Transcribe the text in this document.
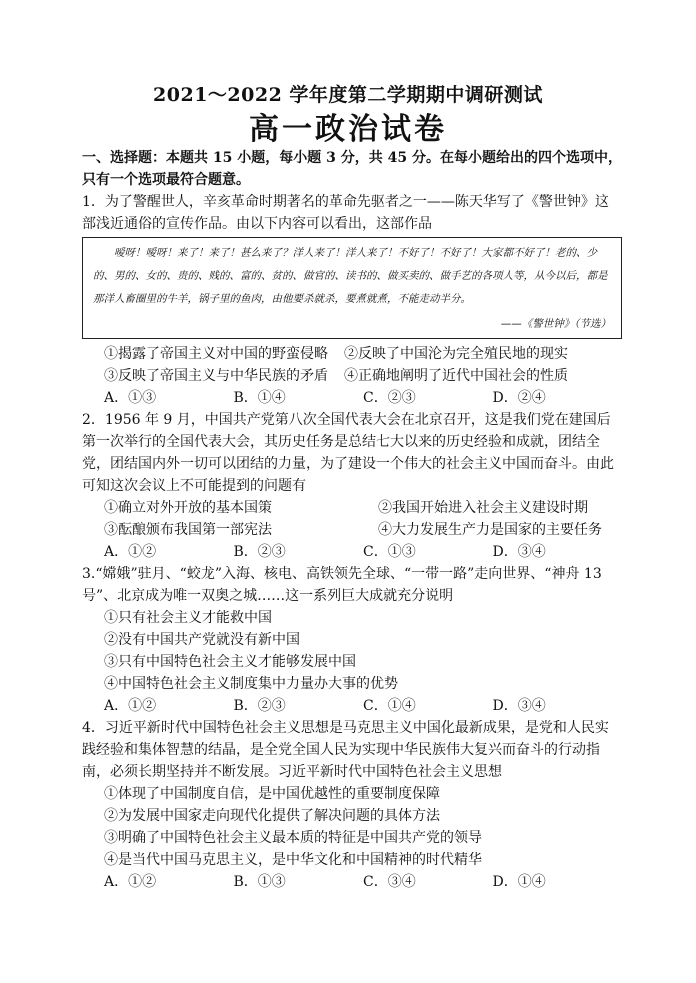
2021～2022 学年度第二学期期中调研测试
高一政治试卷

一、选择题：本题共 15 小题，每小题 3 分，共 45 分。在每小题给出的四个选项中，只有一个选项最符合题意。

1．为了警醒世人，辛亥革命时期著名的革命先驱者之一——陈天华写了《警世钟》这部浅近通俗的宣传作品。由以下内容可以看出，这部作品

嗳呀！嗳呀！来了！来了！甚么来了？洋人来了！洋人来了！不好了！不好了！大家都不好了！老的、少的、男的、女的、贵的、贱的、富的、贫的、做官的、读书的、做买卖的、做手艺的各项人等，从今以后，都是那洋人畜圈里的牛羊，锅子里的鱼肉，由他要杀就杀，要煮就煮，不能走动半分。

——《警世钟》（节选）

①揭露了帝国主义对中国的野蛮侵略	②反映了中国沦为完全殖民地的现实
③反映了帝国主义与中华民族的矛盾	④正确地阐明了近代中国社会的性质
A．①③	B．①④	C．②③	D．②④

2．1956 年 9 月，中国共产党第八次全国代表大会在北京召开，这是我们党在建国后第一次举行的全国代表大会，其历史任务是总结七大以来的历史经验和成就，团结全党，团结国内外一切可以团结的力量，为了建设一个伟大的社会主义中国而奋斗。由此可知这次会议上不可能提到的问题有

①确立对外开放的基本国策	②我国开始进入社会主义建设时期
③酝酿颁布我国第一部宪法	④大力发展生产力是国家的主要任务
A．①②	B．②③	C．①③	D．③④

3.“嫦娥”驻月、“蛟龙”入海、核电、高铁领先全球、“一带一路”走向世界、“神舟 13 号”、北京成为唯一双奥之城……这一系列巨大成就充分说明

①只有社会主义才能救中国

②没有中国共产党就没有新中国

③只有中国特色社会主义才能够发展中国

④中国特色社会主义制度集中力量办大事的优势

A．①②	B．②③	C．①④	D．③④

4．习近平新时代中国特色社会主义思想是马克思主义中国化最新成果，是党和人民实践经验和集体智慧的结晶，是全党全国人民为实现中华民族伟大复兴而奋斗的行动指南，必须长期坚持并不断发展。习近平新时代中国特色社会主义思想

①体现了中国制度自信，是中国优越性的重要制度保障

②为发展中国家走向现代化提供了解决问题的具体方法

③明确了中国特色社会主义最本质的特征是中国共产党的领导

④是当代中国马克思主义，是中华文化和中国精神的时代精华

A．①②	B．①③	C．③④	D．①④
